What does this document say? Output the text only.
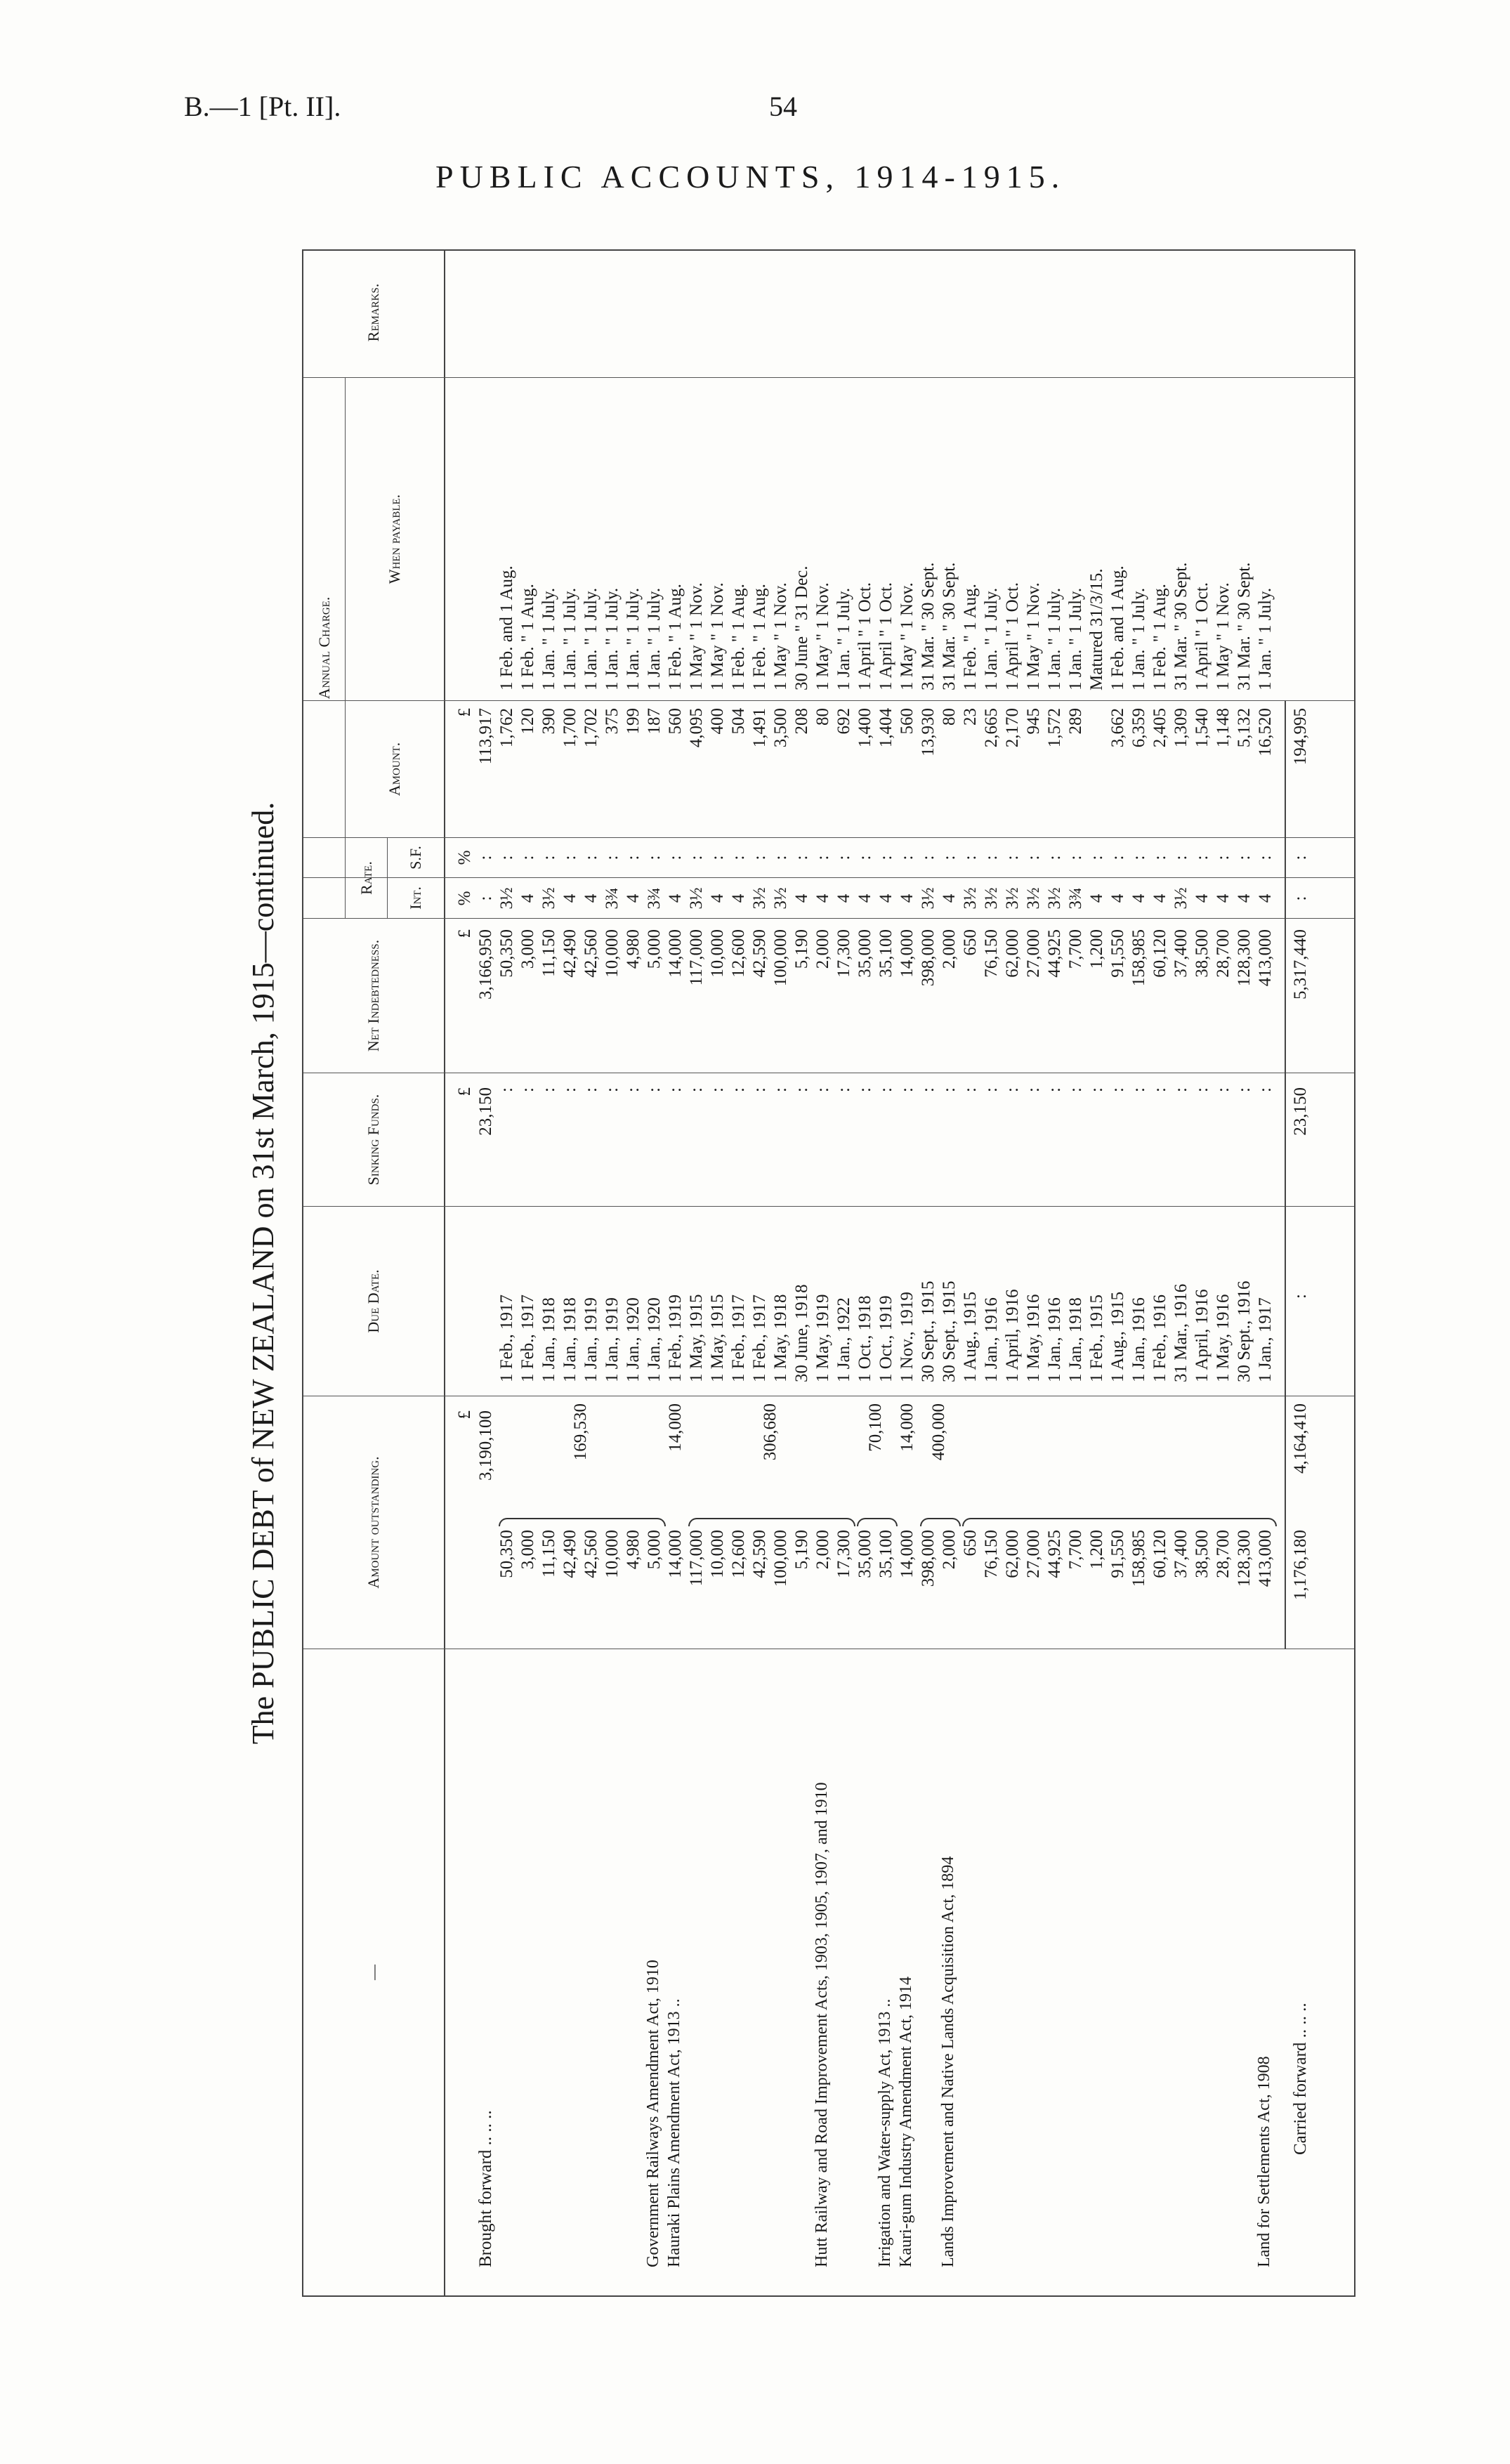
B.—1 [Pt. II].	54
PUBLIC ACCOUNTS, 1914-1915.
The PUBLIC DEBT of NEW ZEALAND on 31st March, 1915—continued.
—
Amount outstanding.
Due Date.
Sinking Funds.
Net Indebtedness.
Annual Charge.
Rate.
Int.
S.F.
Amount.
When payable.
Remarks.
£
£
£
%
%
£
Brought forward .. .. ..
3,190,100
23,150
3,166,950
:
:
113,917
50,350
1 Feb., 1917
:
50,350
3½
:
1,762
1 Feb. and 1 Aug.
3,000
1 Feb., 1917
:
3,000
4
:
120
1 Feb. " 1 Aug.
11,150
1 Jan., 1918
:
11,150
3½
:
390
1 Jan. " 1 July.
42,490
1 Jan., 1918
:
42,490
4
:
1,700
1 Jan. " 1 July.
42,560
1 Jan., 1919
:
42,560
4
:
1,702
1 Jan. " 1 July.
10,000
1 Jan., 1919
:
10,000
3¾
:
375
1 Jan. " 1 July.
4,980
1 Jan., 1920
:
4,980
4
:
199
1 Jan. " 1 July.
5,000
1 Jan., 1920
:
5,000
3¾
:
187
1 Jan. " 1 July.
14,000
1 Feb., 1919
:
14,000
4
:
560
1 Feb. " 1 Aug.
117,000
1 May, 1915
:
117,000
3½
:
4,095
1 May " 1 Nov.
10,000
1 May, 1915
:
10,000
4
:
400
1 May " 1 Nov.
12,600
1 Feb., 1917
:
12,600
4
:
504
1 Feb. " 1 Aug.
42,590
1 Feb., 1917
:
42,590
3½
:
1,491
1 Feb. " 1 Aug.
100,000
1 May, 1918
:
100,000
3½
:
3,500
1 May " 1 Nov.
5,190
30 June, 1918
:
5,190
4
:
208
30 June " 31 Dec.
2,000
1 May, 1919
:
2,000
4
:
80
1 May " 1 Nov.
17,300
1 Jan., 1922
:
17,300
4
:
692
1 Jan. " 1 July.
35,000
1 Oct., 1918
:
35,000
4
:
1,400
1 April " 1 Oct.
35,100
1 Oct., 1919
:
35,100
4
:
1,404
1 April " 1 Oct.
14,000
1 Nov., 1919
:
14,000
4
:
560
1 May " 1 Nov.
398,000
30 Sept., 1915
:
398,000
3½
:
13,930
31 Mar. " 30 Sept.
2,000
30 Sept., 1915
:
2,000
4
:
80
31 Mar. " 30 Sept.
650
1 Aug., 1915
:
650
3½
:
23
1 Feb. " 1 Aug.
76,150
1 Jan., 1916
:
76,150
3½
:
2,665
1 Jan. " 1 July.
62,000
1 April, 1916
:
62,000
3½
:
2,170
1 April " 1 Oct.
27,000
1 May, 1916
:
27,000
3½
:
945
1 May " 1 Nov.
44,925
1 Jan., 1916
:
44,925
3½
:
1,572
1 Jan. " 1 July.
7,700
1 Jan., 1918
:
7,700
3¾
:
289
1 Jan. " 1 July.
1,200
1 Feb., 1915
:
1,200
4
:
Matured 31/3/15.
91,550
1 Aug., 1915
:
91,550
4
:
3,662
1 Feb. and 1 Aug.
158,985
1 Jan., 1916
:
158,985
4
:
6,359
1 Jan. " 1 July.
60,120
1 Feb., 1916
:
60,120
4
:
2,405
1 Feb. " 1 Aug.
37,400
31 Mar., 1916
:
37,400
3½
:
1,309
31 Mar. " 30 Sept.
38,500
1 April, 1916
:
38,500
4
:
1,540
1 April " 1 Oct.
28,700
1 May, 1916
:
28,700
4
:
1,148
1 May " 1 Nov.
128,300
30 Sept., 1916
:
128,300
4
:
5,132
31 Mar. " 30 Sept.
413,000
1 Jan., 1917
:
413,000
4
:
16,520
1 Jan. " 1 July.
Government Railways Amendment Act, 1910
169,530
Hauraki Plains Amendment Act, 1913 ..
14,000
Hutt Railway and Road Improvement Acts, 1903, 1905, 1907, and 1910
306,680
Irrigation and Water-supply Act, 1913 ..
70,100
Kauri-gum Industry Amendment Act, 1914
14,000
Lands Improvement and Native Lands Acquisition Act, 1894
400,000
Land for Settlements Act, 1908 Carried forward .. .. ..
1,176,180
4,164,410
:
23,150
5,317,440
:
:
194,995
